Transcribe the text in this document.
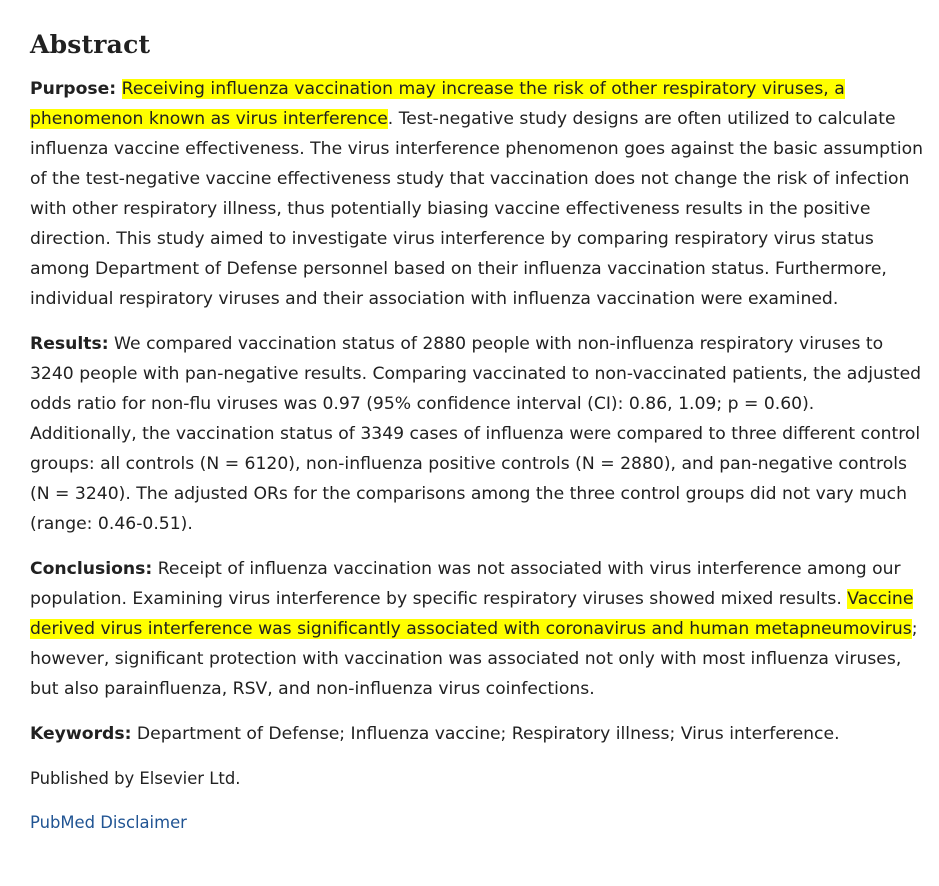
Abstract

Purpose: Receiving influenza vaccination may increase the risk of other respiratory viruses, a phenomenon known as virus interference. Test-negative study designs are often utilized to calculate influenza vaccine effectiveness. The virus interference phenomenon goes against the basic assumption of the test-negative vaccine effectiveness study that vaccination does not change the risk of infection with other respiratory illness, thus potentially biasing vaccine effectiveness results in the positive direction. This study aimed to investigate virus interference by comparing respiratory virus status among Department of Defense personnel based on their influenza vaccination status. Furthermore, individual respiratory viruses and their association with influenza vaccination were examined.

Results: We compared vaccination status of 2880 people with non-influenza respiratory viruses to 3240 people with pan-negative results. Comparing vaccinated to non-vaccinated patients, the adjusted odds ratio for non-flu viruses was 0.97 (95% confidence interval (CI): 0.86, 1.09; p = 0.60). Additionally, the vaccination status of 3349 cases of influenza were compared to three different control groups: all controls (N = 6120), non-influenza positive controls (N = 2880), and pan-negative controls (N = 3240). The adjusted ORs for the comparisons among the three control groups did not vary much (range: 0.46-0.51).

Conclusions: Receipt of influenza vaccination was not associated with virus interference among our population. Examining virus interference by specific respiratory viruses showed mixed results. Vaccine derived virus interference was significantly associated with coronavirus and human metapneumovirus; however, significant protection with vaccination was associated not only with most influenza viruses, but also parainfluenza, RSV, and non-influenza virus coinfections.

Keywords: Department of Defense; Influenza vaccine; Respiratory illness; Virus interference.

Published by Elsevier Ltd.

PubMed Disclaimer
